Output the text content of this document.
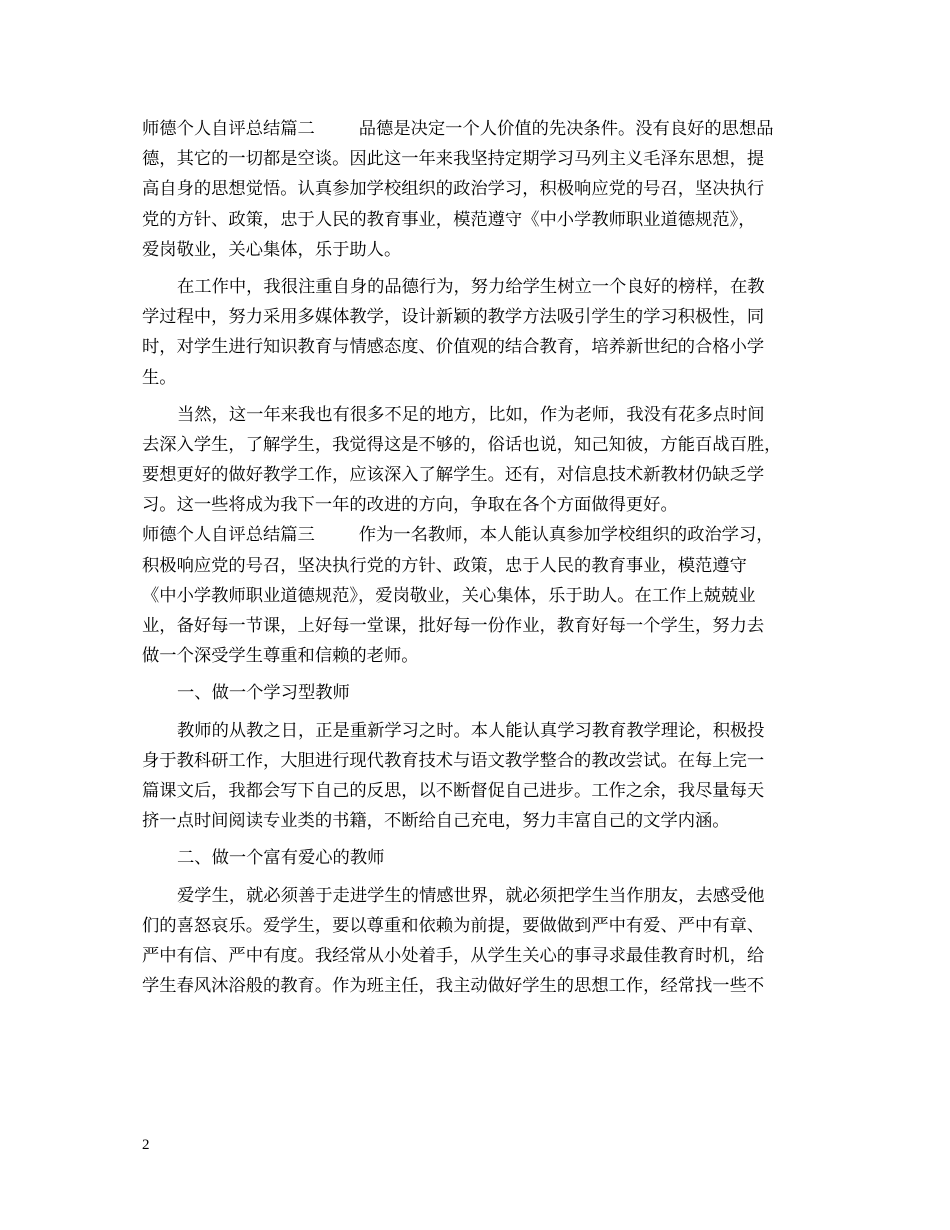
师德个人自评总结篇二        品德是决定一个人价值的先决条件。没有良好的思想品
德，其它的一切都是空谈。因此这一年来我坚持定期学习马列主义毛泽东思想，提
高自身的思想觉悟。认真参加学校组织的政治学习，积极响应党的号召，坚决执行
党的方针、政策，忠于人民的教育事业，模范遵守《中小学教师职业道德规范》，
爱岗敬业，关心集体，乐于助人。
在工作中，我很注重自身的品德行为，努力给学生树立一个良好的榜样，在教
学过程中，努力采用多媒体教学，设计新颖的教学方法吸引学生的学习积极性，同
时，对学生进行知识教育与情感态度、价值观的结合教育，培养新世纪的合格小学
生。
当然，这一年来我也有很多不足的地方，比如，作为老师，我没有花多点时间
去深入学生，了解学生，我觉得这是不够的，俗话也说，知己知彼，方能百战百胜，
要想更好的做好教学工作，应该深入了解学生。还有，对信息技术新教材仍缺乏学
习。这一些将成为我下一年的改进的方向，争取在各个方面做得更好。
师德个人自评总结篇三        作为一名教师，本人能认真参加学校组织的政治学习，
积极响应党的号召，坚决执行党的方针、政策，忠于人民的教育事业，模范遵守
《中小学教师职业道德规范》，爱岗敬业，关心集体，乐于助人。在工作上兢兢业
业，备好每一节课，上好每一堂课，批好每一份作业，教育好每一个学生，努力去
做一个深受学生尊重和信赖的老师。
一、做一个学习型教师
教师的从教之日，正是重新学习之时。本人能认真学习教育教学理论，积极投
身于教科研工作，大胆进行现代教育技术与语文教学整合的教改尝试。在每上完一
篇课文后，我都会写下自己的反思，以不断督促自己进步。工作之余，我尽量每天
挤一点时间阅读专业类的书籍，不断给自己充电，努力丰富自己的文学内涵。
二、做一个富有爱心的教师
爱学生，就必须善于走进学生的情感世界，就必须把学生当作朋友，去感受他
们的喜怒哀乐。爱学生，要以尊重和依赖为前提，要做做到严中有爱、严中有章、
严中有信、严中有度。我经常从小处着手，从学生关心的事寻求最佳教育时机，给
学生春风沐浴般的教育。作为班主任，我主动做好学生的思想工作，经常找一些不
2
